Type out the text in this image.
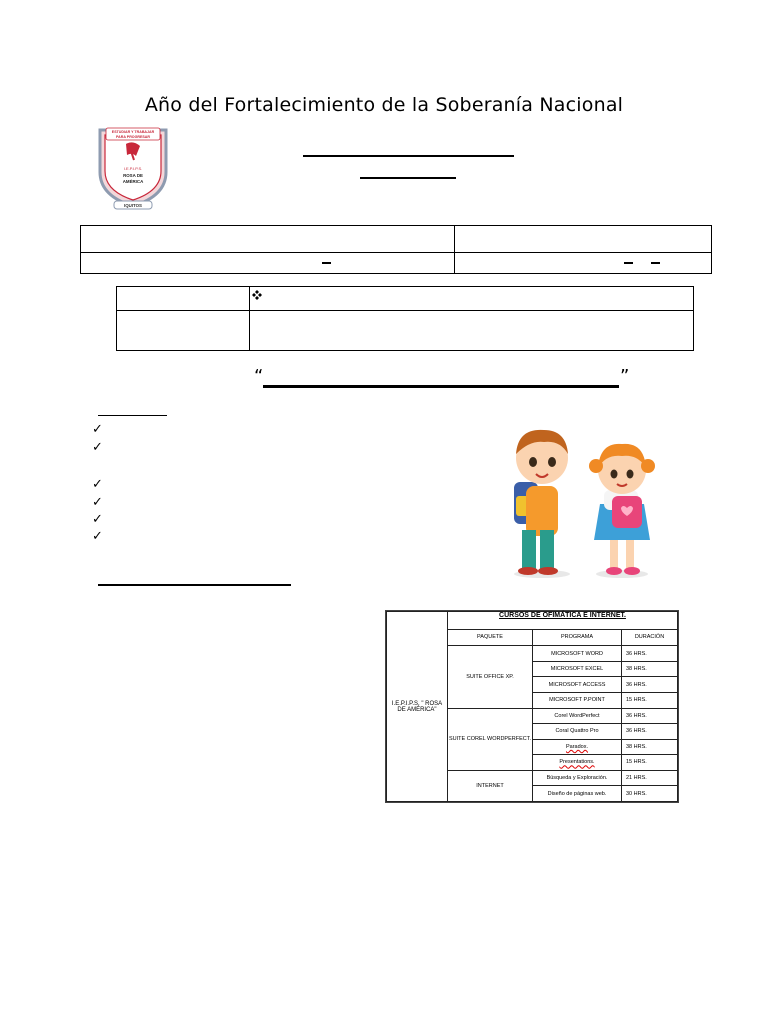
Año del Fortalecimiento de la Soberanía Nacional
ESTUDIAR Y TRABAJAR
PARA PROGRESAR
I.E.P.I.P.S.
ROSA DE
AMÉRICA
IQUITOS

“	”
✓
✓
✓
✓
✓
✓
I.E.P.I.P.S. " ROSA
DE AMÉRICA"	CURSOS DE OFIMÁTICA E INTERNET.		
	PAQUETE	PROGRAMA	DURACIÓN
	SUITE OFFICE XP.	MICROSOFT WORD	36 HRS.
		MICROSOFT EXCEL	38 HRS.
		MICROSOFT ACCESS	36 HRS.
		MICROSOFT P.POINT	15 HRS.
	SUITE COREL WORDPERFECT.	Corel WordPerfect	36 HRS.
		Coral Quattro Pro	36 HRS.
		Paradox.	38 HRS.
		Presentations.	15 HRS.
	INTERNET	Búsqueda y Exploración.	21 HRS.
		Diseño de páginas web.	30 HRS.
